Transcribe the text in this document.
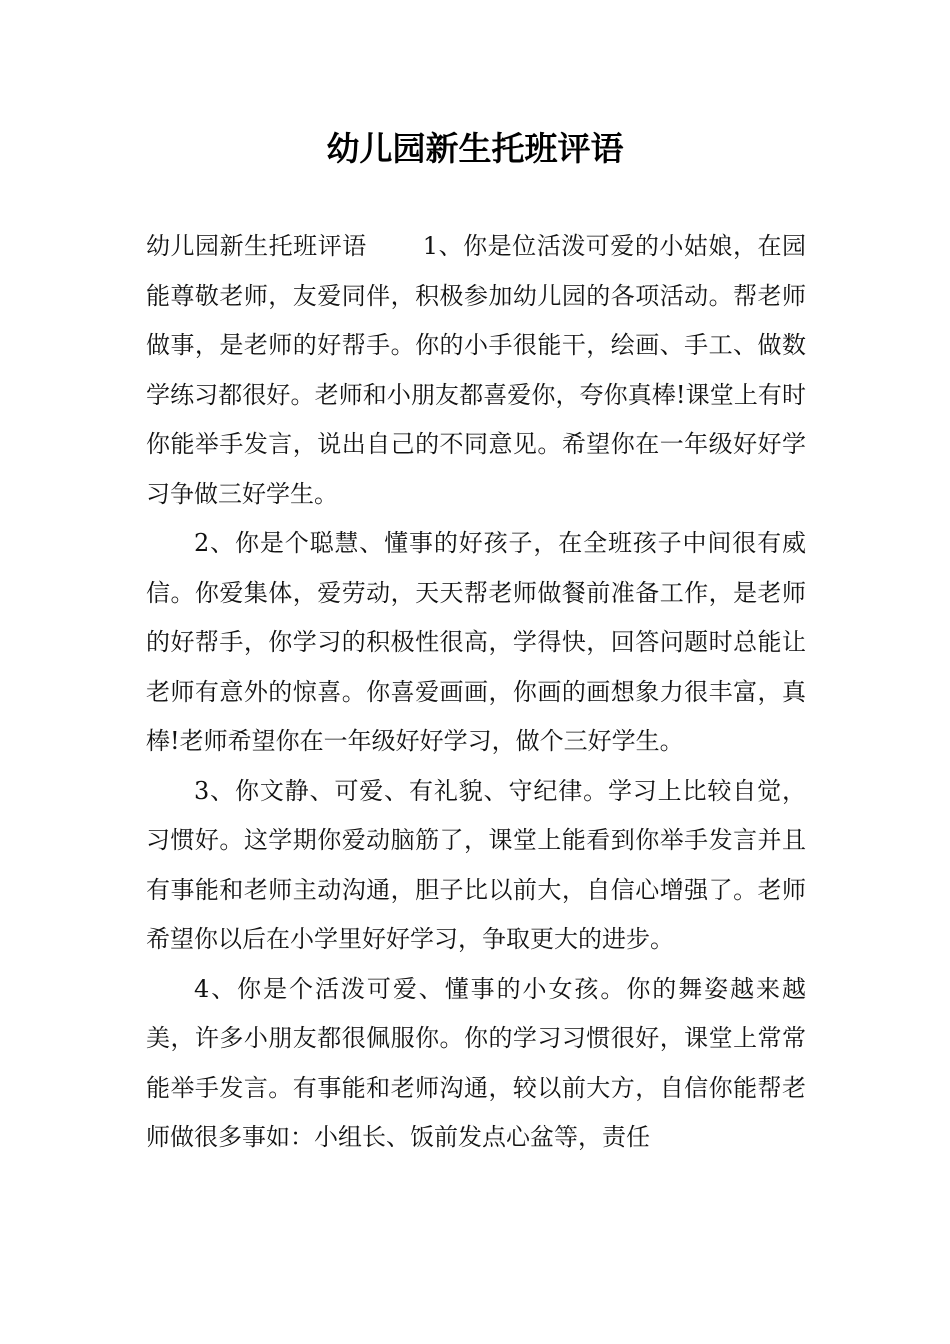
幼儿园新生托班评语

幼儿园新生托班评语 1、你是位活泼可爱的小姑娘，在园能尊敬老师，友爱同伴，积极参加幼儿园的各项活动。帮老师做事，是老师的好帮手。你的小手很能干，绘画、手工、做数学练习都很好。老师和小朋友都喜爱你，夸你真棒!课堂上有时你能举手发言，说出自己的不同意见。希望你在一年级好好学习争做三好学生。

2、你是个聪慧、懂事的好孩子，在全班孩子中间很有威信。你爱集体，爱劳动，天天帮老师做餐前准备工作，是老师的好帮手，你学习的积极性很高，学得快，回答问题时总能让老师有意外的惊喜。你喜爱画画，你画的画想象力很丰富，真棒!老师希望你在一年级好好学习，做个三好学生。

3、你文静、可爱、有礼貌、守纪律。学习上比较自觉，习惯好。这学期你爱动脑筋了，课堂上能看到你举手发言并且有事能和老师主动沟通，胆子比以前大，自信心增强了。老师希望你以后在小学里好好学习，争取更大的进步。

4、你是个活泼可爱、懂事的小女孩。你的舞姿越来越美，许多小朋友都很佩服你。你的学习习惯很好，课堂上常常能举手发言。有事能和老师沟通，较以前大方，自信你能帮老师做很多事如：小组长、饭前发点心盆等，责任
